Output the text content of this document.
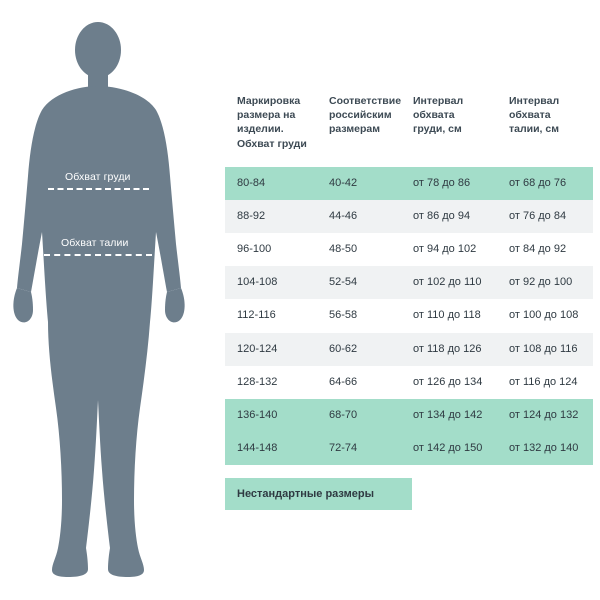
Обхват груди
Обхват талии
Маркировка размера на изделии. Обхват груди	Соответствие российским размерам	Интервал обхвата груди, см	Интервал обхвата талии, см
80-84	40-42	от 78 до 86	от 68 до 76
88-92	44-46	от 86 до 94	от 76 до 84
96-100	48-50	от 94 до 102	от 84 до 92
104-108	52-54	от 102 до 110	от 92 до 100
112-116	56-58	от 110 до 118	от 100 до 108
120-124	60-62	от 118 до 126	от 108 до 116
128-132	64-66	от 126 до 134	от 116 до 124
136-140	68-70	от 134 до 142	от 124 до 132
144-148	72-74	от 142 до 150	от 132 до 140
Нестандартные размеры
